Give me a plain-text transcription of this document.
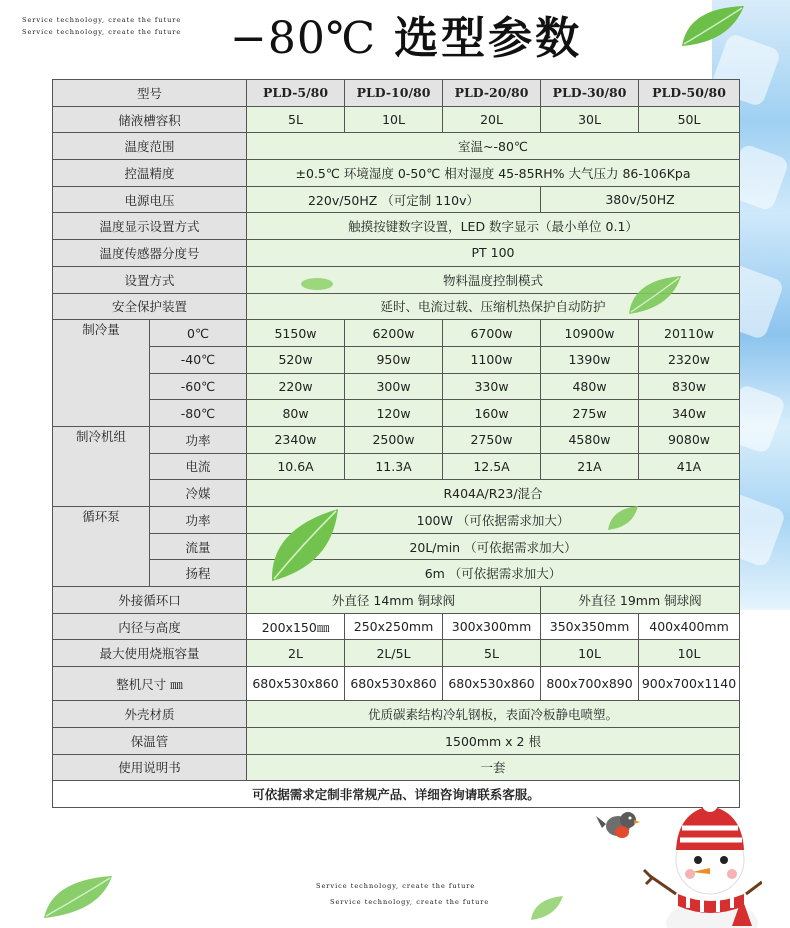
Service technology, create the future
Service technology, create the future −80℃ 选型参数
型号		PLD-5/80	PLD-10/80	PLD-20/80	PLD-30/80	PLD-50/80
储液槽容积		5L	10L	20L	30L	50L
温度范围		室温~-80℃				
控温精度		±0.5℃ 环境湿度 0-50℃ 相对湿度 45-85RH% 大气压力 86-106Kpa				
电源电压		220v/50HZ （可定制 110v）			380v/50HZ	
温度显示设置方式		触摸按键数字设置，LED 数字显示（最小单位 0.1）				
温度传感器分度号		PT 100				
设置方式		物料温度控制模式				
安全保护装置		延时、电流过载、压缩机热保护自动防护				
制冷量	0℃	5150w	6200w	6700w	10900w	20110w
	-40℃	520w	950w	1100w	1390w	2320w
	-60℃	220w	300w	330w	480w	830w
	-80℃	80w	120w	160w	275w	340w
制冷机组	功率	2340w	2500w	2750w	4580w	9080w
	电流	10.6A	11.3A	12.5A	21A	41A
	冷媒	R404A/R23/混合				
循环泵	功率	100W （可依据需求加大）				
	流量	20L/min （可依据需求加大）				
	扬程	6m （可依据需求加大）				
外接循环口		外直径 14mm 铜球阀			外直径 19mm 铜球阀	
内径与高度		200x150㎜	250x250mm	300x300mm	350x350mm	400x400mm
最大使用烧瓶容量		2L	2L/5L	5L	10L	10L
整机尺寸 ㎜		680x530x860	680x530x860	680x530x860	800x700x890	900x700x1140
外壳材质		优质碳素结构冷轧钢板，表面冷板静电喷塑。				
保温管		1500mm x 2 根				
使用说明书		一套				
可依据需求定制非常规产品、详细咨询请联系客服。						
Service technology, create the future
Service technology, create the future
